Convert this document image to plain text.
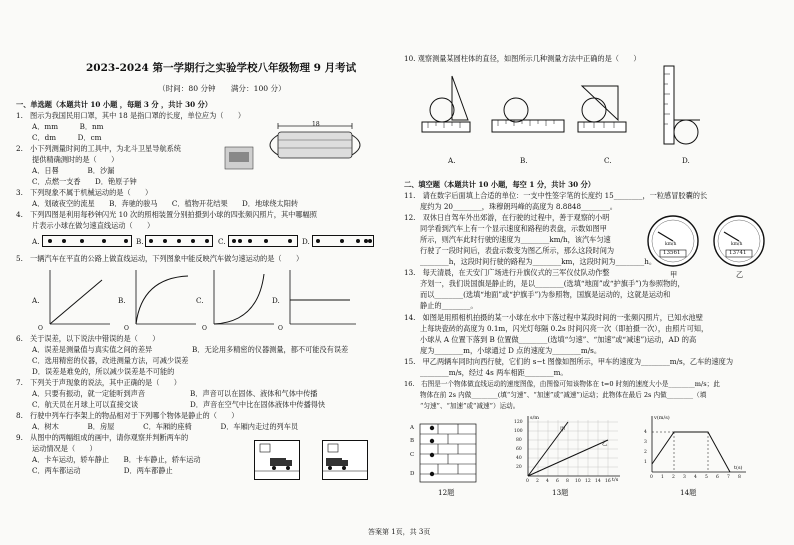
2023-2024 第一学期行之实验学校八年级物理 9 月考试
（时间：80 分钟　　满分：100 分）
一、单选题（本题共计 10 小题 ，每题 3 分 ，共计 30 分）
1.　图示为我国民用口罩，其中 18 是指口罩的长度，单位应为（　　）
A．mm　　　B．nm
C．dm　　　D．cm
18
2.　小下列测量时间的工具中，为北斗卫星导航系统
提供精确测时的是（　　）
A．日晷　　　　B．沙漏
C．点燃一支香　　D．铯原子钟
3.　下列现象不属于机械运动的是（　　）
A．划破夜空的流星　　B．奔驰的骏马　　C．植物开花结果　　D．地球绕太阳转
4.　下列四图是利用每秒钟闪光 10 次的照相装置分别拍摄到小球的四张频闪照片，其中哪幅照
片表示小球在做匀速直线运动（　　）
A.	B.	C.	D.
5.　一辆汽车在平直的公路上做直线运动，下列图象中能反映汽车做匀速运动的是（　　）
A.
O
B.
O
C.
O
D.
O
6.　关于误差，以下说法中错误的是（　　）
A．误差是测量值与真实值之间的差异	B．无论用多精密的仪器测量，都不可能没有误差
C．选用精密的仪器，改进测量方法，可减少误差
D．误差是难免的，所以减少误差是不可能的
7.　下列关于声现象的说法，其中正确的是（　　）
A．只要有振动，就一定能听到声音	B．声音可以在固体、液体和气体中传播
C．航天员在月球上可以直接交谈	D．声音在空气中比在固体液体中传播得快
8.　行驶中列车行李架上的物品相对于下列哪个物体是静止的（　　）
A．树木　　　　B．房屋　　　　C．车厢的座椅　　　　D．车厢内走过的列车员
9.　从图中的两幅组成的画中，请你观察并判断两车的
运动情况是（　　）
A．卡车运动，轿车静止　　B．卡车静止，轿车运动
C．两车都运动　　　　　　D．两车都静止
10. 观察测量某圆柱体的直径，如图所示几种测量方法中正确的是（　　）
A.	B.	C.	D.
二、填空题（本题共计 10 小题，每空 1 分，共计 30 分）
11.　请在数字后面填上合适的单位：一支中性签字笔的长度约 15________，一粒感冒胶囊的长
度约为 20________，珠穆朗玛峰的高度为 8.8848________。
12.　双休日自驾车外出郊游，在行驶的过程中，善于观察的小明
同学看到汽车上有一个显示速度和路程的表盘，示数如图甲
所示，则汽车此时行驶的速度为________km/h，该汽车匀速
行驶了一段时间后，表盘示数变为图乙所示，那么这段时间为
________h，这段时间行驶的路程为________km，这段时间为________h。
13561
km/h
甲
13741
km/h
乙
13.　每天清晨，在天安门广场进行升旗仪式的三军仪仗队动作整
齐划一，我们说国旗是静止的，是以________(选填“地面”或“护旗手”)为参照物的，
而以________(选填“地面”或“护旗手”)为参照物，国旗是运动的，这就是运动和
静止的________。
14.　如图是用照相机拍摄的某一小球在水中下落过程中某段时间的一张频闪照片，已知水池壁
上每块瓷砖的高度为 0.1m，闪光灯每隔 0.2s 时间闪亮一次（即拍摄一次），由照片可知，
小球从 A 位置下落到 B 位置做________(选填“匀速”、“加速”或“减速”)运动，AD 的高
度为________m，小球通过 D 点的速度为________m/s。
15.　甲乙两辆车同时向西行驶，它们的 s−t 图像如图所示，甲车的速度为________m/s，乙车的速度为
________m/s，经过 4s 两车相距________m。
16.　右图是一个物体做直线运动的速度图像，由图像可知该物体在 t=0 时刻的速度大小是________m/s；此
物体在前 2s 内做________(填“匀速”、“加速”或“减速”)运动；此物体在最后 2s 内做________（填
“匀速”、“加速”或“减速”）运动。
A
B
C
D
12题
s/m
t/s
甲
乙
120
100
80
60
40
20
0 2 4 6 8 10 12 14 16
13题
v(m/s)
t(s)
4
3
2
1
0 1 2 3 4 5 6 7 8
14题
答案第 1页，共 3页
